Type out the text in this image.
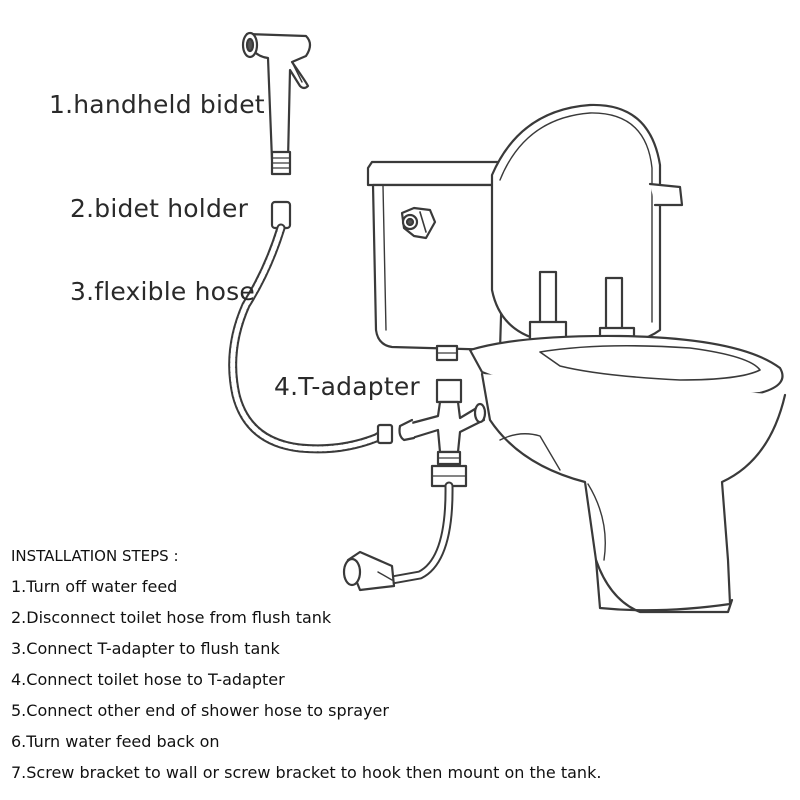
1.handheld bidet
2.bidet holder
3.flexible hose
4.T-adapter
INSTALLATION STEPS :
1.Turn off water feed
2.Disconnect toilet hose from flush tank
3.Connect T-adapter to flush tank
4.Connect toilet hose to T-adapter
5.Connect other end of shower hose to sprayer
6.Turn water feed back on
7.Screw bracket to wall or screw bracket to hook then mount on the tank.
